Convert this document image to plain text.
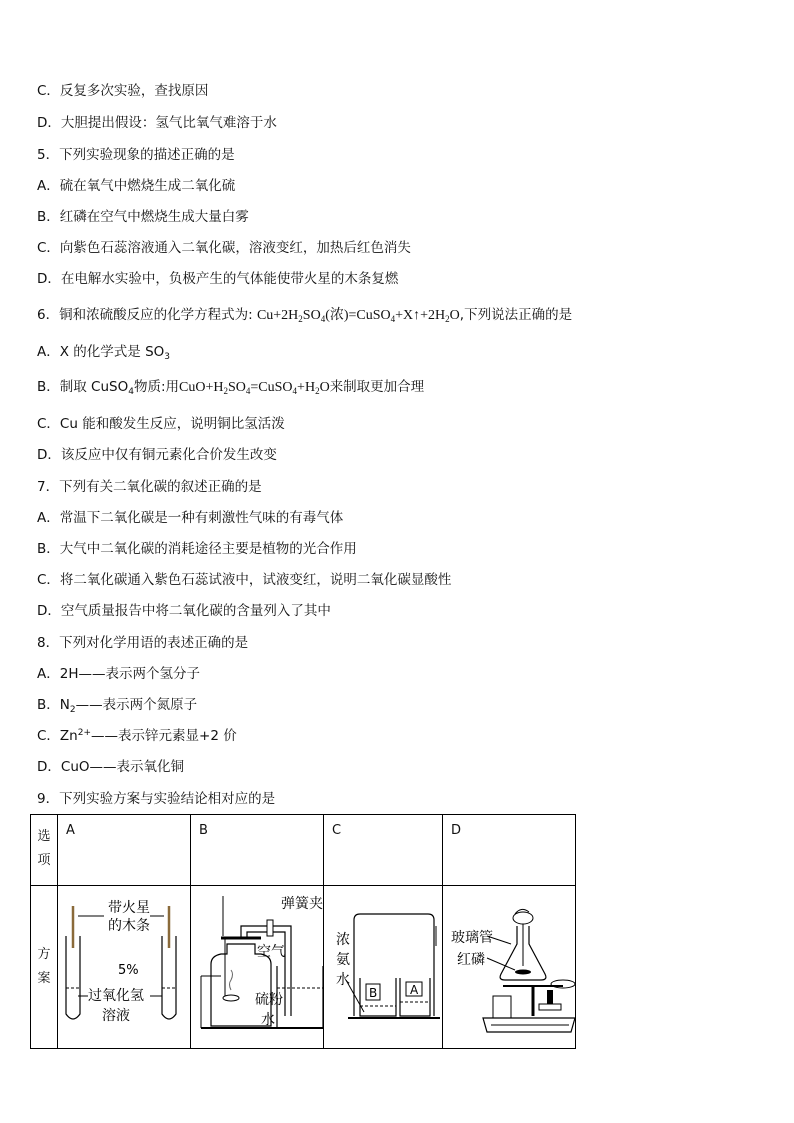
C．反复多次实验，查找原因
D．大胆提出假设：氢气比氧气难溶于水
5．下列实验现象的描述正确的是
A．硫在氧气中燃烧生成二氧化硫
B．红磷在空气中燃烧生成大量白雾
C．向紫色石蕊溶液通入二氧化碳，溶液变红，加热后红色消失
D．在电解水实验中，负极产生的气体能使带火星的木条复燃
6．铜和浓硫酸反应的化学方程式为: $Cu+2H_2SO_4$(浓)$=CuSO_4+X↑+2H_2O$,下列说法正确的是
A．X 的化学式是 $SO_3$
B．制取 CuSO$_4$物质:用$CuO+H_2SO_4=CuSO_4+H_2O$来制取更加合理
C．Cu 能和酸发生反应，说明铜比氢活泼
D．该反应中仅有铜元素化合价发生改变
7．下列有关二氧化碳的叙述正确的是
A．常温下二氧化碳是一种有刺激性气味的有毒气体
B．大气中二氧化碳的消耗途径主要是植物的光合作用
C．将二氧化碳通入紫色石蕊试液中，试液变红，说明二氧化碳显酸性
D．空气质量报告中将二氧化碳的含量列入了其中
8．下列对化学用语的表述正确的是
A．2H——表示两个氢分子
B．$N_2——$表示两个氮原子
C．$Zn^{2+}——$表示锌元素显+2 价
D．CuO——表示氧化铜
9．下列实验方案与实验结论相对应的是
选项	A	B	C	D

方案	带火星
的木条
5%
过氧化氢
溶液	弹簧夹
空气
硫粉
水	浓
氨
水
B A	玻璃管
红磷
